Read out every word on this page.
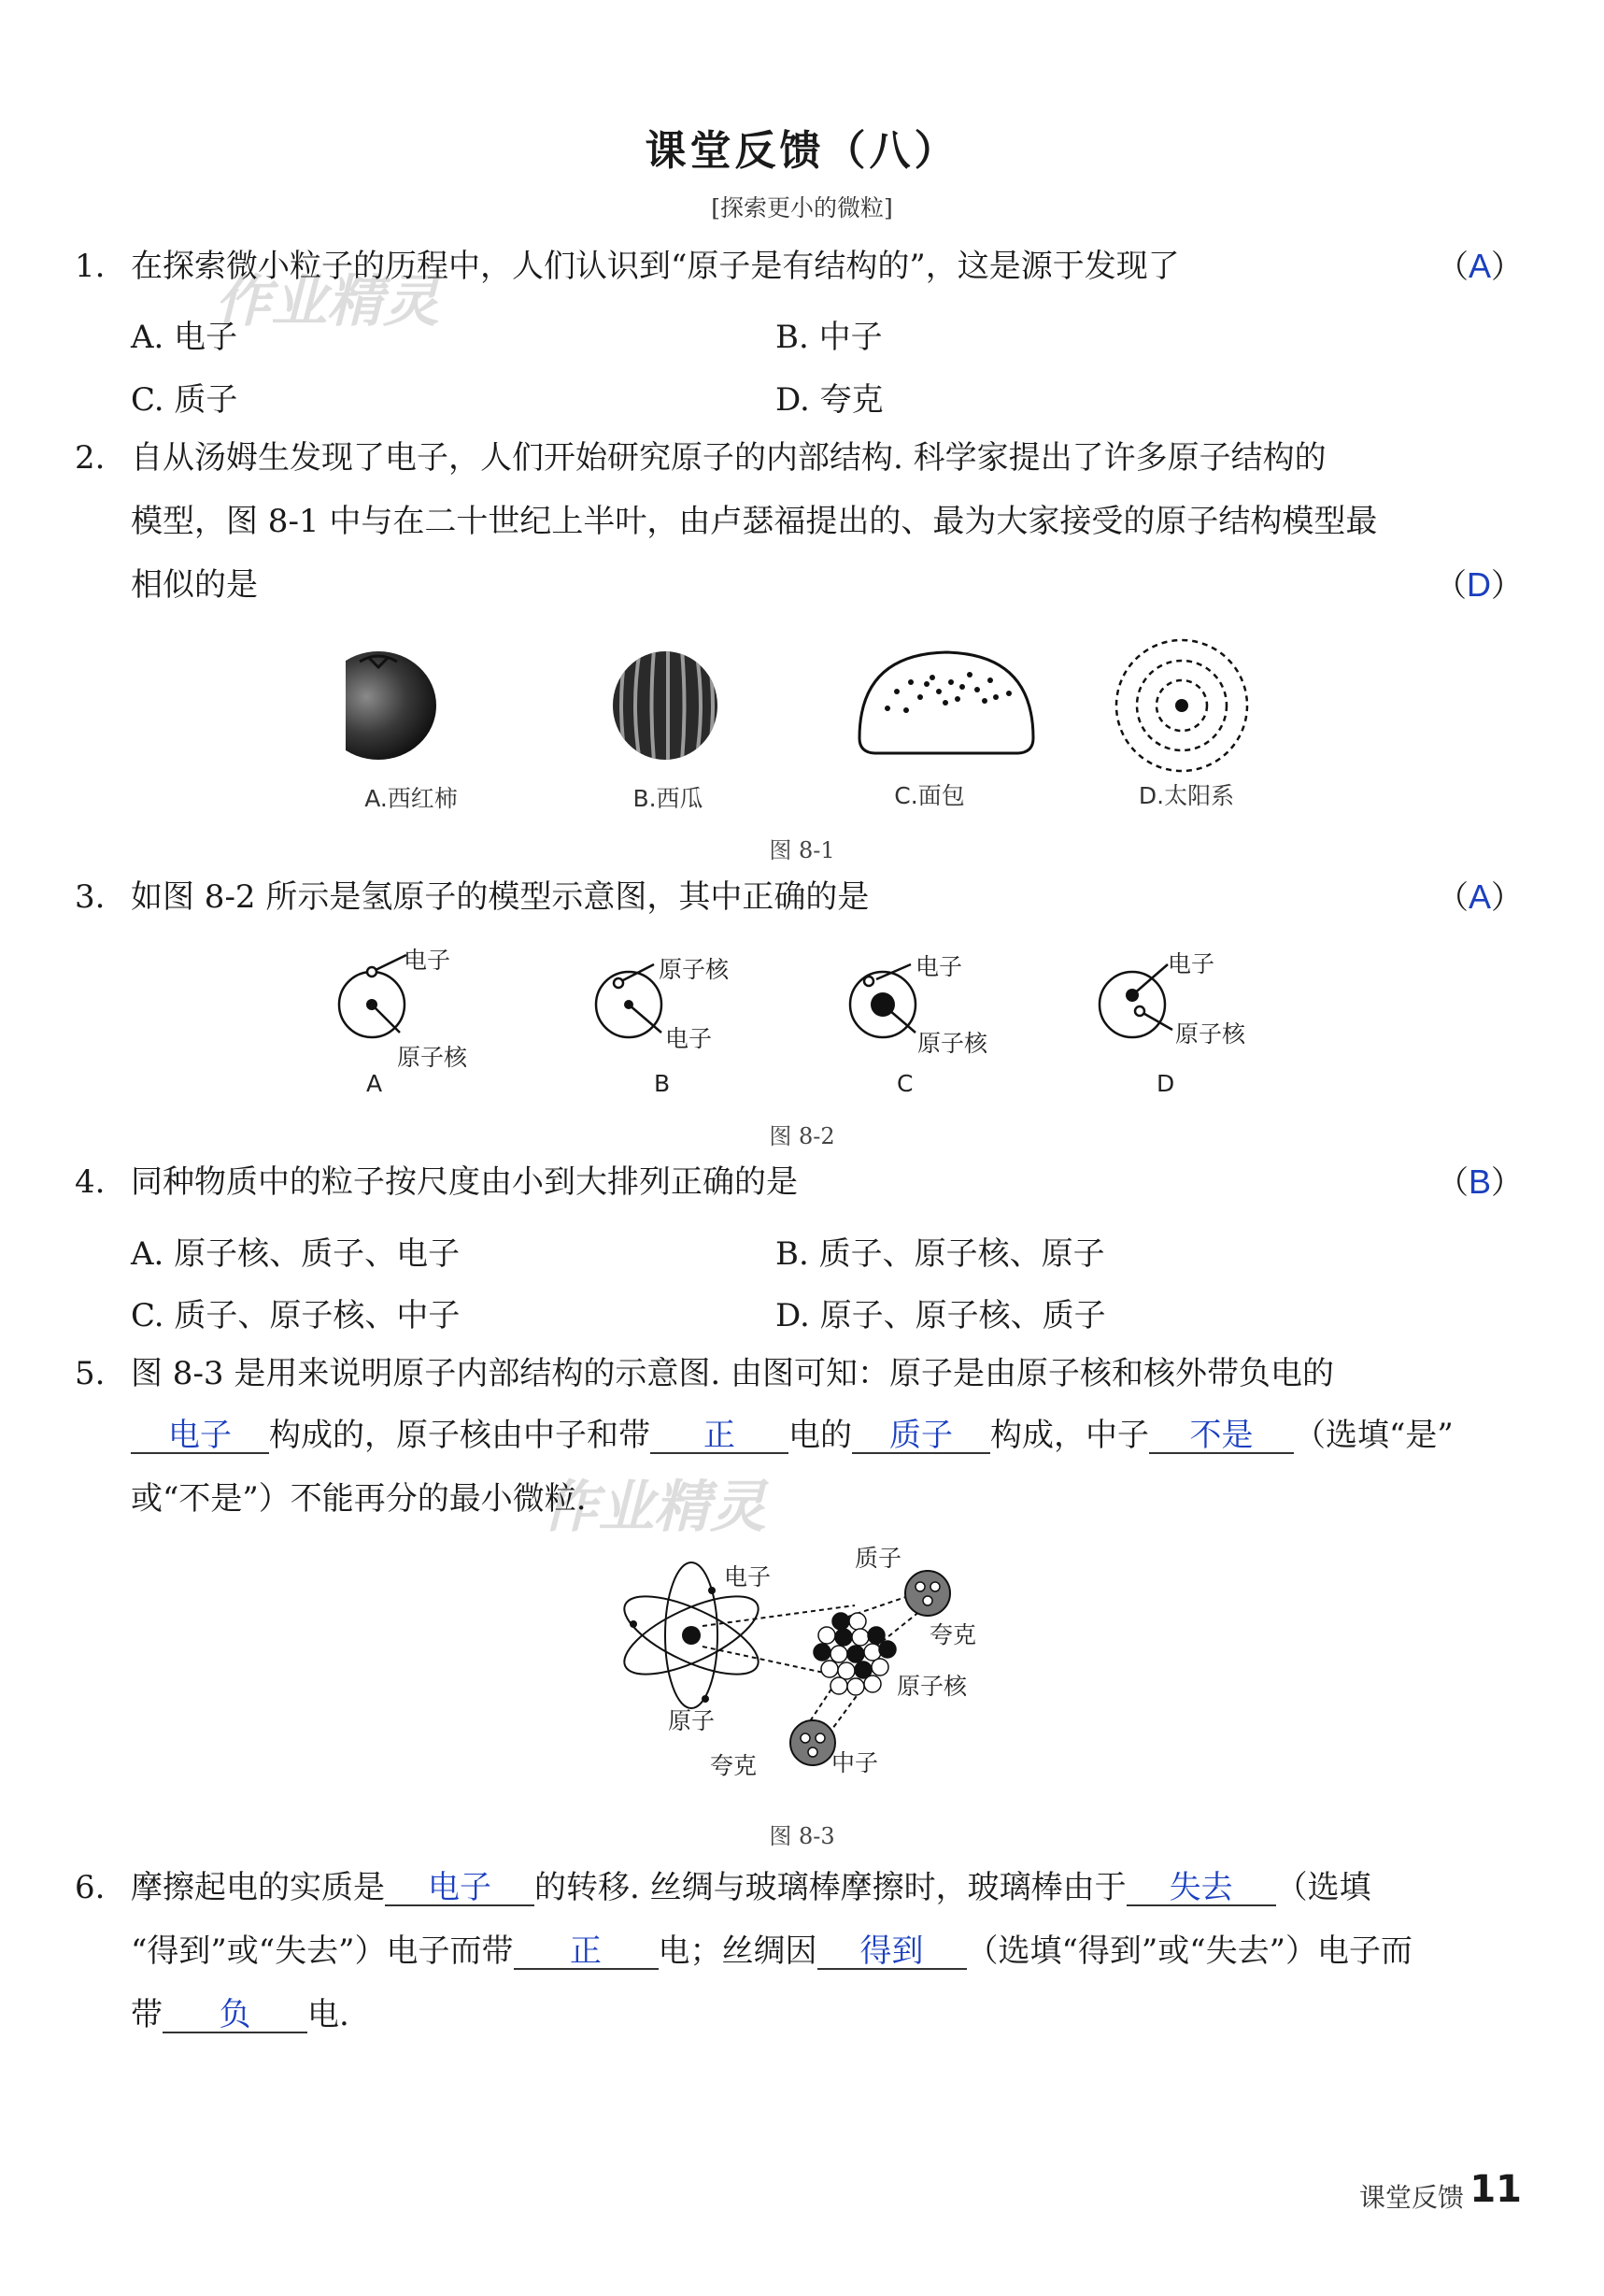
课堂反馈（八）
[探索更小的微粒]
作业精灵
作业精灵
1. 在探索微小粒子的历程中，人们认识到“原子是有结构的”，这是源于发现了	（A）
A. 电子	B. 中子
C. 质子	D. 夸克
2. 自从汤姆生发现了电子，人们开始研究原子的内部结构. 科学家提出了许多原子结构的
模型，图 8-1 中与在二十世纪上半叶，由卢瑟福提出的、最为大家接受的原子结构模型最
相似的是	（D）
A.西红柿	B.西瓜	C.面包	D.太阳系
图 8-1
3. 如图 8-2 所示是氢原子的模型示意图，其中正确的是	（A）
电子
原子核
原子核
电子
电子
原子核
电子
原子核
A	B	C	D
图 8-2
4. 同种物质中的粒子按尺度由小到大排列正确的是	（B）
A. 原子核、质子、电子	B. 质子、原子核、原子
C. 质子、原子核、中子	D. 原子、原子核、质子
5. 图 8-3 是用来说明原子内部结构的示意图. 由图可知：原子是由原子核和核外带负电的
电子 构成的，原子核由中子和带 正 电的 质子 构成，中子 不是 （选填“是”
或“不是”）不能再分的最小微粒.
电子
质子
夸克
原子核
原子
夸克	中子
图 8-3
6. 摩擦起电的实质是 电子 的转移. 丝绸与玻璃棒摩擦时，玻璃棒由于 失去 （选填
“得到”或“失去”）电子而带 正 电；丝绸因 得到 （选填“得到”或“失去”）电子而
带 负 电.
课堂反馈 11
